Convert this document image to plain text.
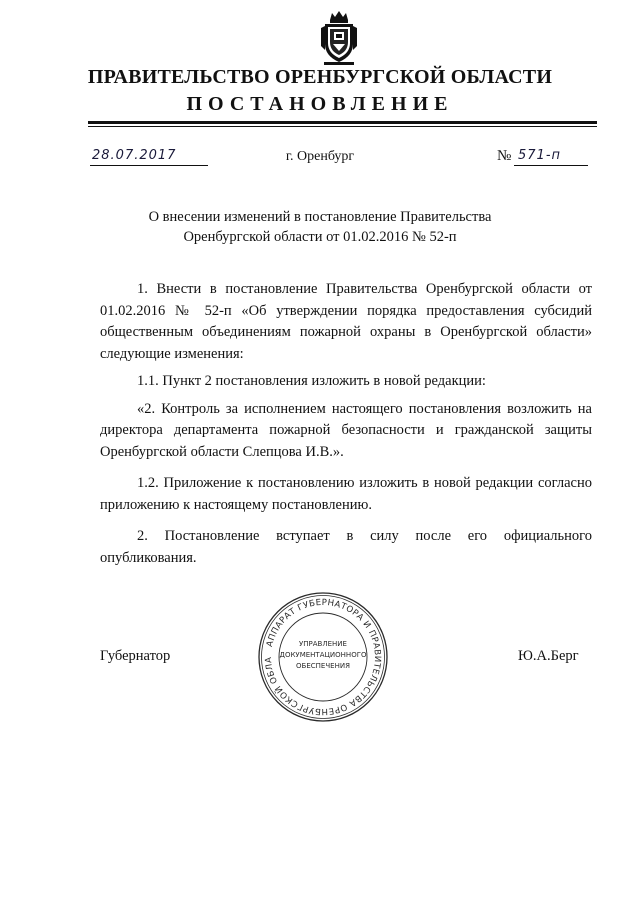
ПРАВИТЕЛЬСТВО ОРЕНБУРГСКОЙ ОБЛАСТИ
ПОСТАНОВЛЕНИЕ
28.07.2017	г. Оренбург	№ 571-п
О внесении изменений в постановление Правительства
Оренбургской области от 01.02.2016 № 52-п

1. Внести в постановление Правительства Оренбургской области от 01.02.2016 № 52-п «Об утверждении порядка предоставления субсидий общественным объединениям пожарной охраны в Оренбургской области» следующие изменения:

1.1. Пункт 2 постановления изложить в новой редакции:

«2. Контроль за исполнением настоящего постановления возложить на директора департамента пожарной безопасности и гражданской защиты Оренбургской области Слепцова И.В.».

1.2. Приложение к постановлению изложить в новой редакции согласно приложению к настоящему постановлению.

2. Постановление вступает в силу после его официального опубликования.

Губернатор	Ю.А.Берг
АППАРАТ ГУБЕРНАТОРА И ПРАВИТЕЛЬСТВА ОРЕНБУРГСКОЙ ОБЛА
УПРАВЛЕНИЕ
ДОКУМЕНТАЦИОННОГО
ОБЕСПЕЧЕНИЯ
